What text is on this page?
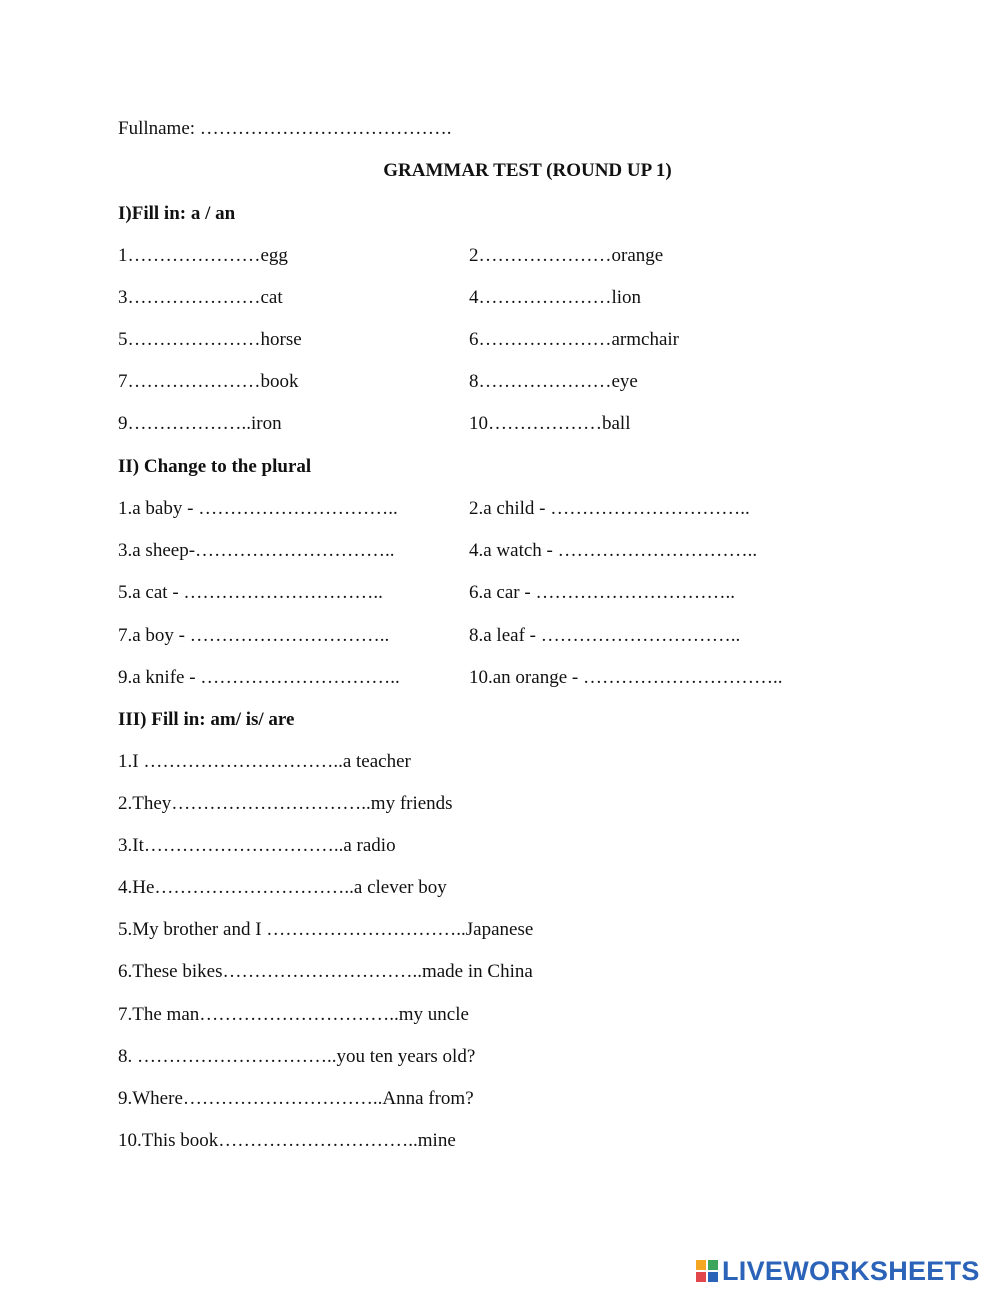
Fullname: ………………………………….
GRAMMAR TEST (ROUND UP 1)
I)Fill in: a / an
1…………………egg	2…………………orange
3…………………cat	4…………………lion
5…………………horse	6…………………armchair
7…………………book	8…………………eye
9………………..iron	10………………ball
II) Change to the plural
1.a baby - …………………………..	2.a child - …………………………..
3.a sheep-…………………………..	4.a watch - …………………………..
5.a cat - …………………………..	6.a car - …………………………..
7.a boy - …………………………..	8.a leaf - …………………………..
9.a knife - …………………………..	10.an orange - …………………………..
III) Fill in: am/ is/ are
1.I …………………………..a teacher
2.They…………………………..my friends
3.It…………………………..a radio
4.He…………………………..a clever boy
5.My brother and I …………………………..Japanese
6.These bikes…………………………..made in China
7.The man…………………………..my uncle
8. …………………………..you ten years old?
9.Where…………………………..Anna from?
10.This book…………………………..mine
LIVEWORKSHEETS
